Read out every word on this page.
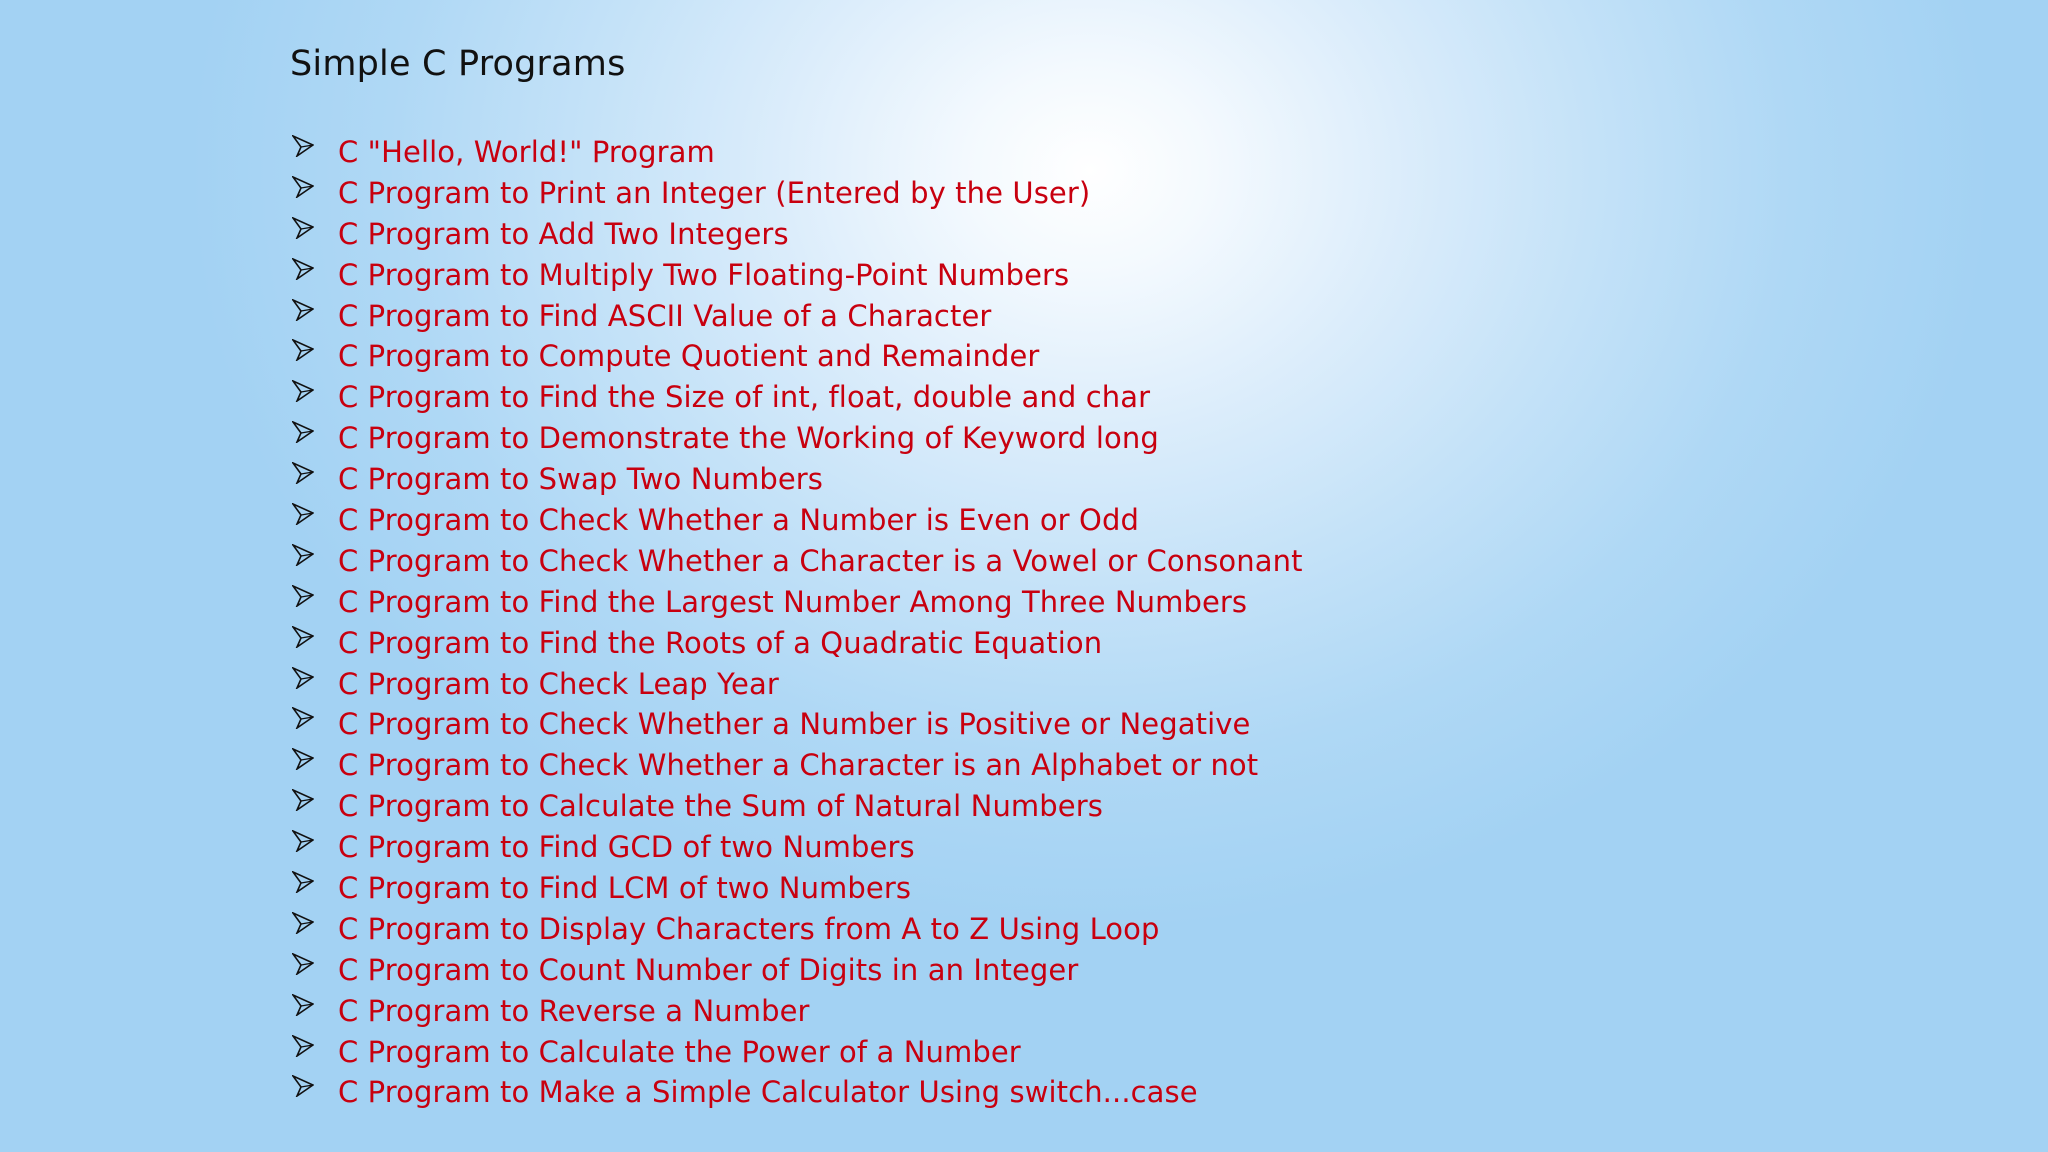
Simple C Programs
C "Hello, World!" Program
C Program to Print an Integer (Entered by the User)
C Program to Add Two Integers
C Program to Multiply Two Floating-Point Numbers
C Program to Find ASCII Value of a Character
C Program to Compute Quotient and Remainder
C Program to Find the Size of int, float, double and char
C Program to Demonstrate the Working of Keyword long
C Program to Swap Two Numbers
C Program to Check Whether a Number is Even or Odd
C Program to Check Whether a Character is a Vowel or Consonant
C Program to Find the Largest Number Among Three Numbers
C Program to Find the Roots of a Quadratic Equation
C Program to Check Leap Year
C Program to Check Whether a Number is Positive or Negative
C Program to Check Whether a Character is an Alphabet or not
C Program to Calculate the Sum of Natural Numbers
C Program to Find GCD of two Numbers
C Program to Find LCM of two Numbers
C Program to Display Characters from A to Z Using Loop
C Program to Count Number of Digits in an Integer
C Program to Reverse a Number
C Program to Calculate the Power of a Number
C Program to Make a Simple Calculator Using switch...case
